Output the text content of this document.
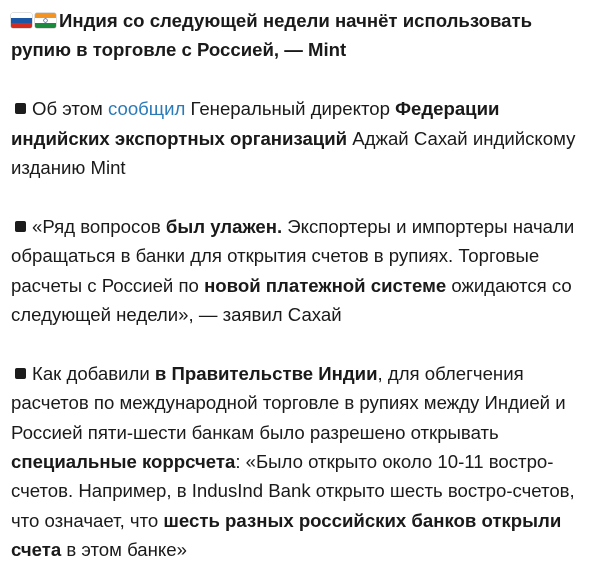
Индия со следующей недели начнёт использовать рупию в торговле с Россией, — Mint
Об этом сообщил Генеральный директор Федерации индийских экспортных организаций Аджай Сахай индийскому изданию Mint
«Ряд вопросов был улажен. Экспортеры и импортеры начали обращаться в банки для открытия счетов в рупиях. Торговые расчеты с Россией по новой платежной системе ожидаются со следующей недели», — заявил Сахай
Как добавили в Правительстве Индии, для облегчения расчетов по международной торговле в рупиях между Индией и Россией пяти-шести банкам было разрешено открывать специальные коррсчета: «Было открыто около 10-11 востро-счетов. Например, в IndusInd Bank открыто шесть востро-счетов, что означает, что шесть разных российских банков открыли счета в этом банке»
